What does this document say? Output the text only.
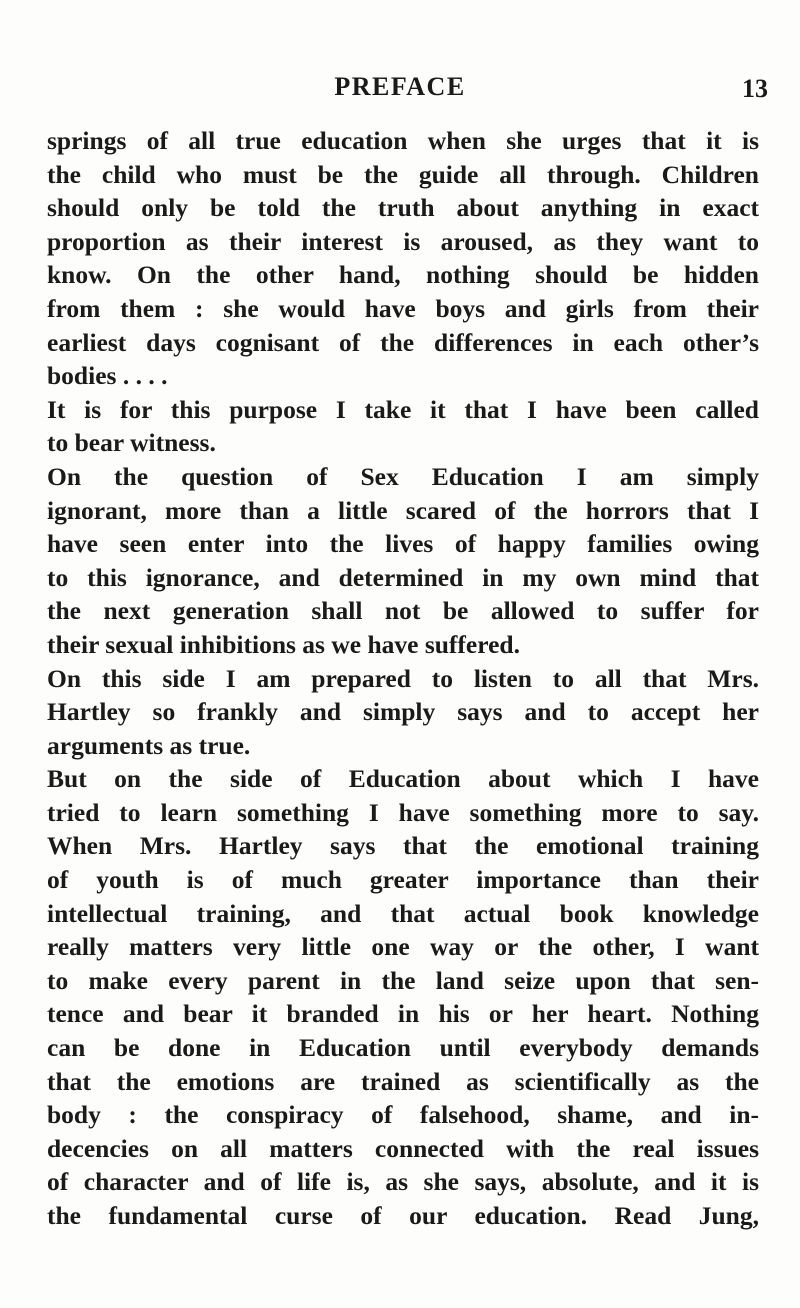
PREFACE	13
springs of all true education when she urges that it is
the child who must be the guide all through. Children
should only be told the truth about anything in exact
proportion as their interest is aroused, as they want to
know. On the other hand, nothing should be hidden
from them : she would have boys and girls from their
earliest days cognisant of the differences in each other’s
bodies . . . .
It is for this purpose I take it that I have been called
to bear witness.
On the question of Sex Education I am simply
ignorant, more than a little scared of the horrors that I
have seen enter into the lives of happy families owing
to this ignorance, and determined in my own mind that
the next generation shall not be allowed to suffer for
their sexual inhibitions as we have suffered.
On this side I am prepared to listen to all that Mrs.
Hartley so frankly and simply says and to accept her
arguments as true.
But on the side of Education about which I have
tried to learn something I have something more to say.
When Mrs. Hartley says that the emotional training
of youth is of much greater importance than their
intellectual training, and that actual book knowledge
really matters very little one way or the other, I want
to make every parent in the land seize upon that sen-
tence and bear it branded in his or her heart. Nothing
can be done in Education until everybody demands
that the emotions are trained as scientifically as the
body : the conspiracy of falsehood, shame, and in-
decencies on all matters connected with the real issues
of character and of life is, as she says, absolute, and it is
the fundamental curse of our education. Read Jung,
